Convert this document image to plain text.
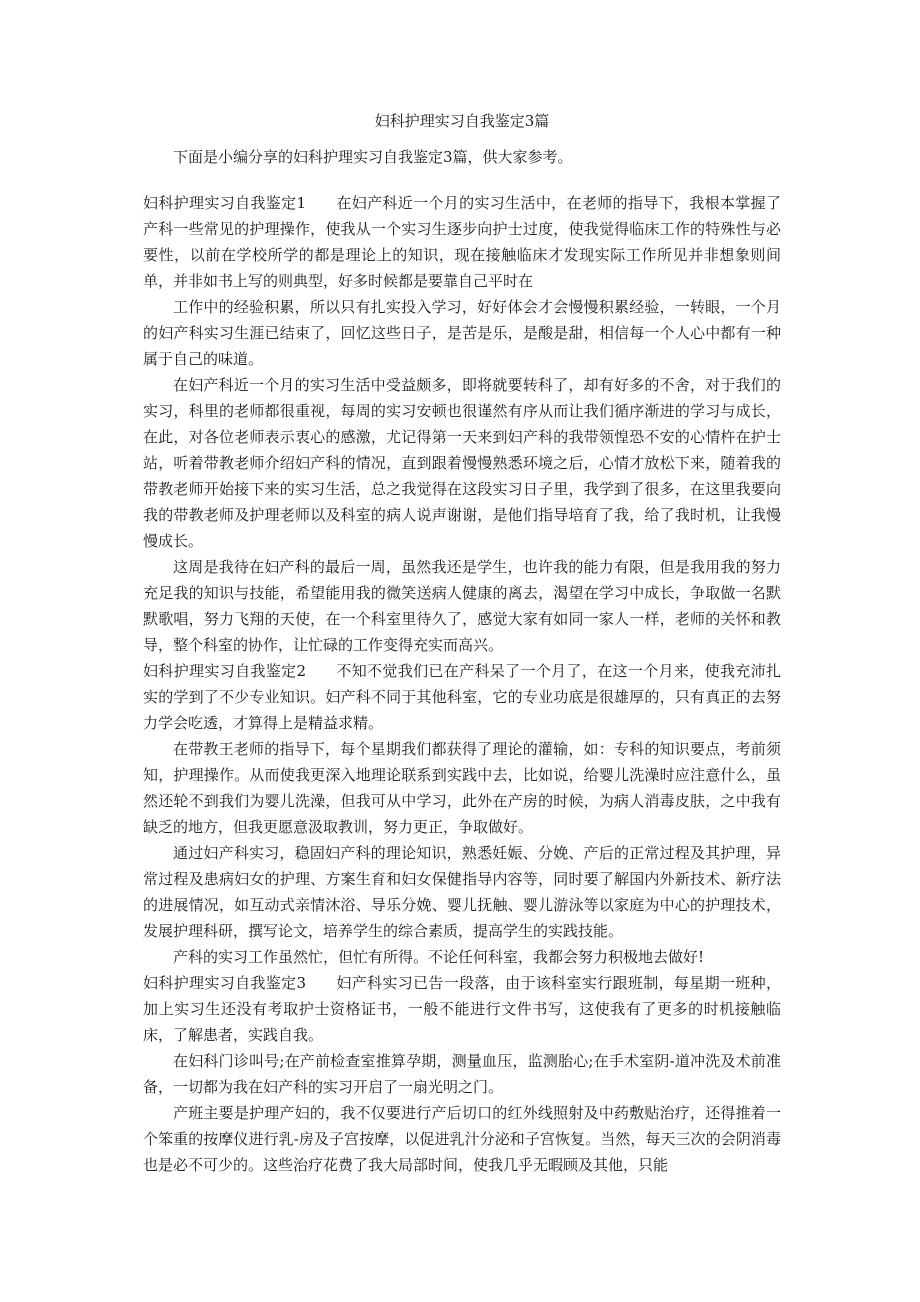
妇科护理实习自我鉴定3篇

下面是小编分享的妇科护理实习自我鉴定3篇，供大家参考。

妇科护理实习自我鉴定1 在妇产科近一个月的实习生活中，在老师的指导下，我根本掌握了产科一些常见的护理操作，使我从一个实习生逐步向护士过度，使我觉得临床工作的特殊性与必要性，以前在学校所学的都是理论上的知识，现在接触临床才发现实际工作所见并非想象则间单，并非如书上写的则典型，好多时候都是要靠自己平时在

工作中的经验积累，所以只有扎实投入学习，好好体会才会慢慢积累经验，一转眼，一个月的妇产科实习生涯已结束了，回忆这些日子，是苦是乐，是酸是甜，相信每一个人心中都有一种属于自己的味道。

在妇产科近一个月的实习生活中受益颇多，即将就要转科了，却有好多的不舍，对于我们的实习，科里的老师都很重视，每周的实习安顿也很谨然有序从而让我们循序渐进的学习与成长，在此，对各位老师表示衷心的感激，尤记得第一天来到妇产科的我带领惶恐不安的心情杵在护士站，听着带教老师介绍妇产科的情况，直到跟着慢慢熟悉环境之后，心情才放松下来，随着我的带教老师开始接下来的实习生活，总之我觉得在这段实习日子里，我学到了很多，在这里我要向我的带教老师及护理老师以及科室的病人说声谢谢，是他们指导培育了我，给了我时机，让我慢慢成长。

这周是我待在妇产科的最后一周，虽然我还是学生，也许我的能力有限，但是我用我的努力充足我的知识与技能，希望能用我的微笑送病人健康的离去，渴望在学习中成长，争取做一名默默歌唱，努力飞翔的天使，在一个科室里待久了，感觉大家有如同一家人一样，老师的关怀和教导，整个科室的协作，让忙碌的工作变得充实而高兴。

妇科护理实习自我鉴定2 不知不觉我们已在产科呆了一个月了，在这一个月来，使我充沛扎实的学到了不少专业知识。妇产科不同于其他科室，它的专业功底是很雄厚的，只有真正的去努力学会吃透，才算得上是精益求精。

在带教王老师的指导下，每个星期我们都获得了理论的灌输，如：专科的知识要点，考前须知，护理操作。从而使我更深入地理论联系到实践中去，比如说，给婴儿洗澡时应注意什么，虽然还轮不到我们为婴儿洗澡，但我可从中学习，此外在产房的时候，为病人消毒皮肤，之中我有缺乏的地方，但我更愿意汲取教训，努力更正，争取做好。

通过妇产科实习，稳固妇产科的理论知识，熟悉妊娠、分娩、产后的正常过程及其护理，异常过程及患病妇女的护理、方案生育和妇女保健指导内容等，同时要了解国内外新技术、新疗法的进展情况，如互动式亲情沐浴、导乐分娩、婴儿抚触、婴儿游泳等以家庭为中心的护理技术，发展护理科研，撰写论文，培养学生的综合素质，提高学生的实践技能。

产科的实习工作虽然忙，但忙有所得。不论任何科室，我都会努力积极地去做好!

妇科护理实习自我鉴定3 妇产科实习已告一段落，由于该科室实行跟班制，每星期一班种，加上实习生还没有考取护士资格证书，一般不能进行文件书写，这使我有了更多的时机接触临床，了解患者，实践自我。

在妇科门诊叫号;在产前检查室推算孕期，测量血压，监测胎心;在手术室阴-道冲洗及术前准备，一切都为我在妇产科的实习开启了一扇光明之门。

产班主要是护理产妇的，我不仅要进行产后切口的红外线照射及中药敷贴治疗，还得推着一个笨重的按摩仪进行乳-房及子宫按摩，以促进乳汁分泌和子宫恢复。当然，每天三次的会阴消毒也是必不可少的。这些治疗花费了我大局部时间，使我几乎无暇顾及其他，只能
